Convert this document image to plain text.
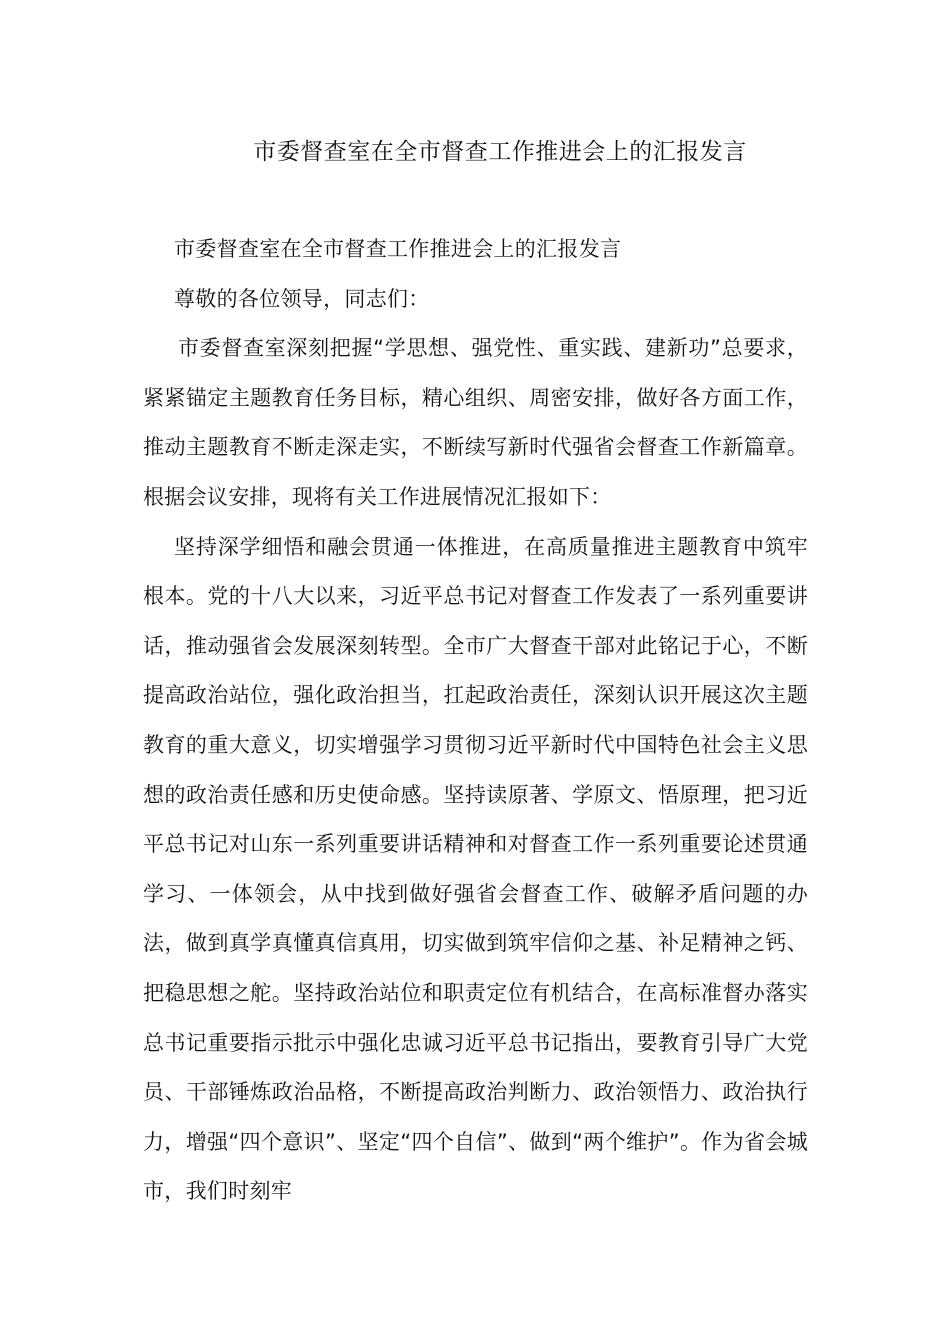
市委督查室在全市督查工作推进会上的汇报发言

市委督查室在全市督查工作推进会上的汇报发言

尊敬的各位领导，同志们：

市委督查室深刻把握“学思想、强党性、重实践、建新功”总要求，紧紧锚定主题教育任务目标，精心组织、周密安排，做好各方面工作，推动主题教育不断走深走实，不断续写新时代强省会督查工作新篇章。根据会议安排，现将有关工作进展情况汇报如下：

坚持深学细悟和融会贯通一体推进，在高质量推进主题教育中筑牢根本。党的十八大以来，习近平总书记对督查工作发表了一系列重要讲话，推动强省会发展深刻转型。全市广大督查干部对此铭记于心，不断提高政治站位，强化政治担当，扛起政治责任，深刻认识开展这次主题教育的重大意义，切实增强学习贯彻习近平新时代中国特色社会主义思想的政治责任感和历史使命感。坚持读原著、学原文、悟原理，把习近平总书记对山东一系列重要讲话精神和对督查工作一系列重要论述贯通学习、一体领会，从中找到做好强省会督查工作、破解矛盾问题的办法，做到真学真懂真信真用，切实做到筑牢信仰之基、补足精神之钙、把稳思想之舵。坚持政治站位和职责定位有机结合，在高标准督办落实总书记重要指示批示中强化忠诚习近平总书记指出，要教育引导广大党员、干部锤炼政治品格，不断提高政治判断力、政治领悟力、政治执行力，增强“四个意识”、坚定“四个自信”、做到“两个维护”。作为省会城市，我们时刻牢
